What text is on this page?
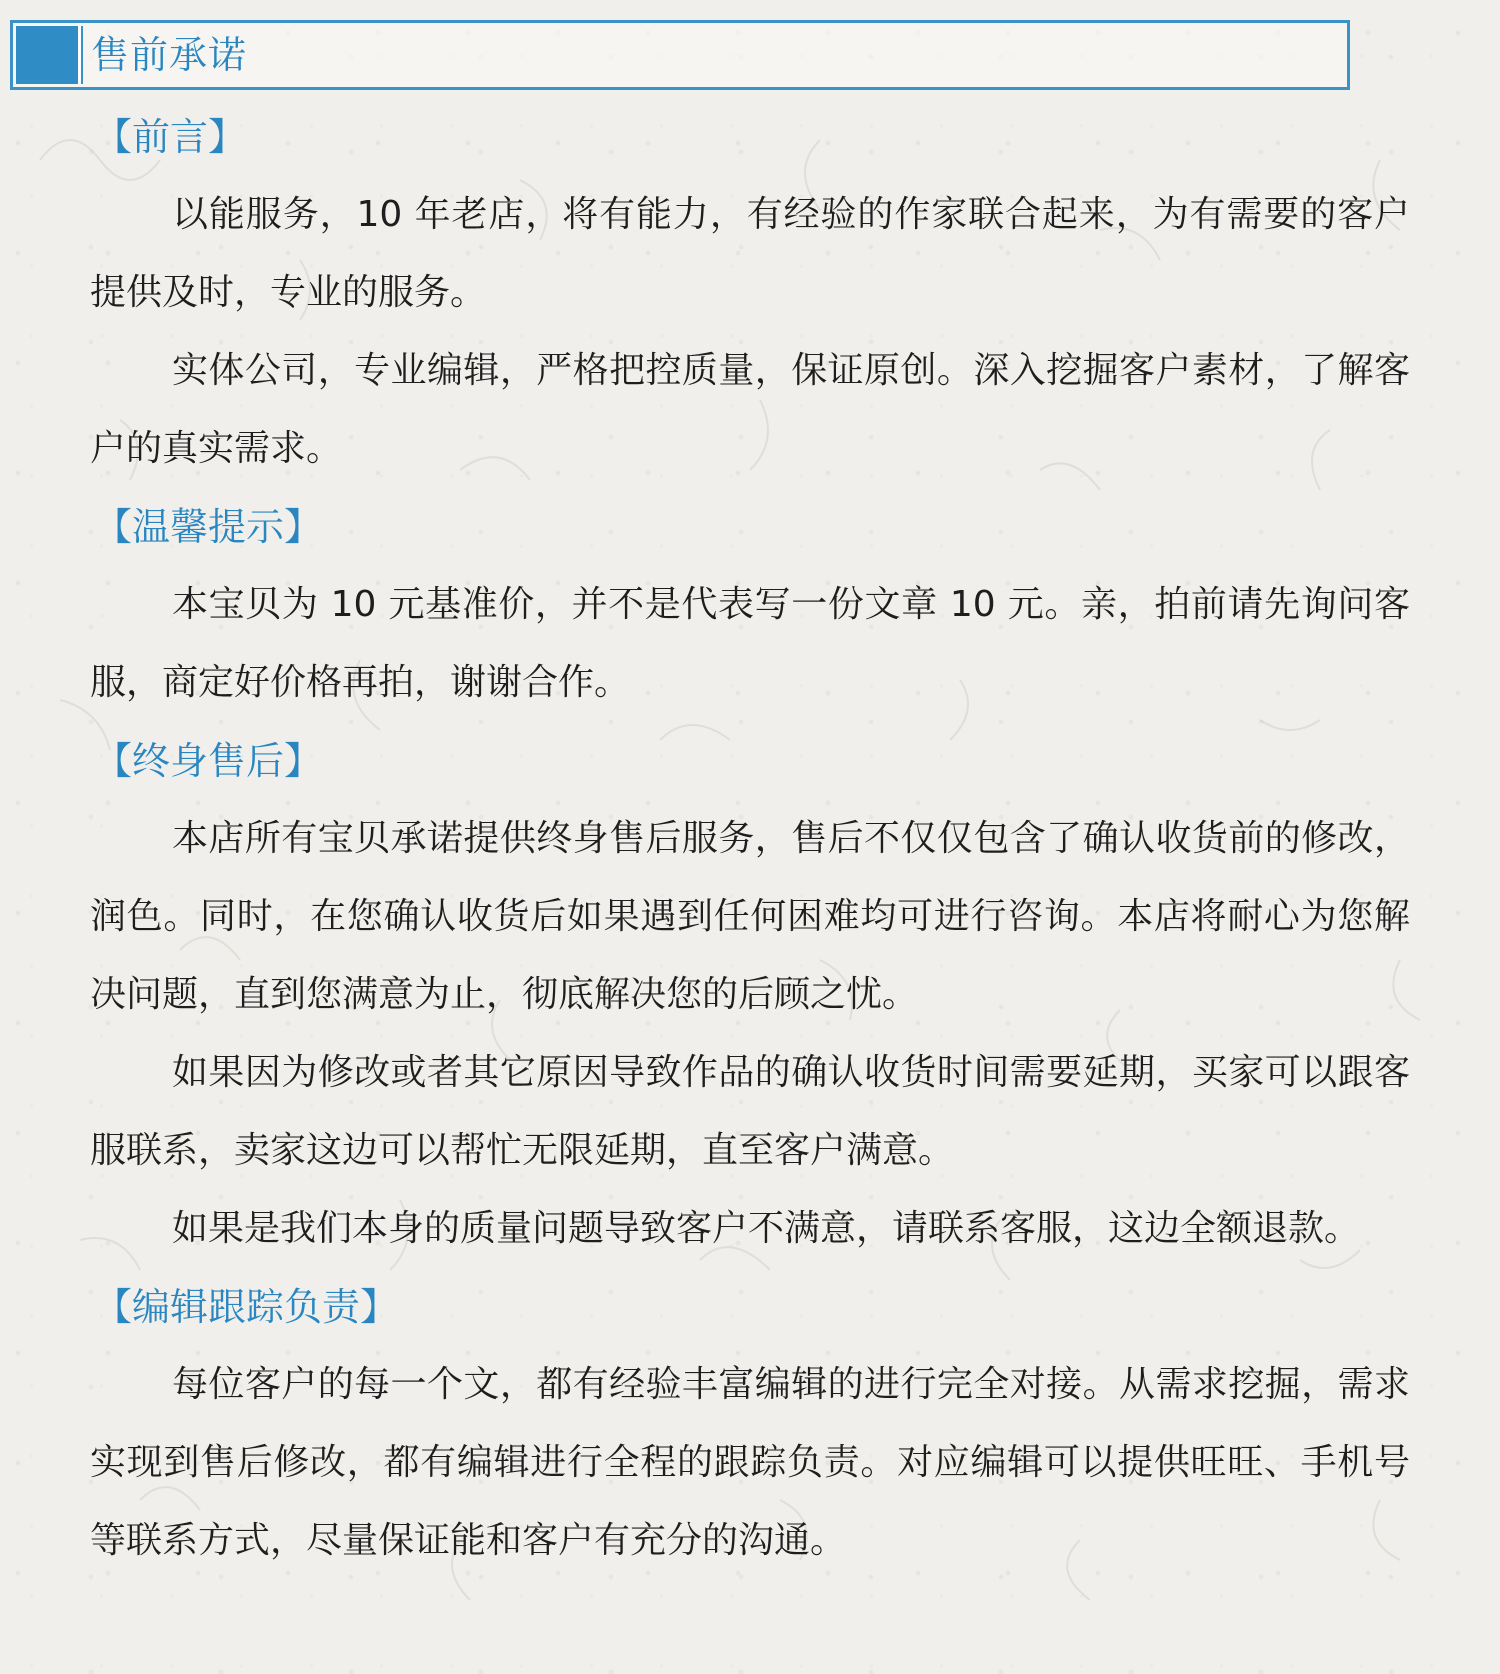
售前承诺
【前言】

以能服务，10 年老店，将有能力，有经验的作家联合起来，为有需要的客户提供及时，专业的服务。

实体公司，专业编辑，严格把控质量，保证原创。深入挖掘客户素材，了解客户的真实需求。

【温馨提示】

本宝贝为 10 元基准价，并不是代表写一份文章 10 元。亲，拍前请先询问客服，商定好价格再拍，谢谢合作。

【终身售后】

本店所有宝贝承诺提供终身售后服务，售后不仅仅包含了确认收货前的修改，润色。同时，在您确认收货后如果遇到任何困难均可进行咨询。本店将耐心为您解决问题，直到您满意为止，彻底解决您的后顾之忧。

如果因为修改或者其它原因导致作品的确认收货时间需要延期，买家可以跟客服联系，卖家这边可以帮忙无限延期，直至客户满意。

如果是我们本身的质量问题导致客户不满意，请联系客服，这边全额退款。

【编辑跟踪负责】

每位客户的每一个文，都有经验丰富编辑的进行完全对接。从需求挖掘，需求实现到售后修改，都有编辑进行全程的跟踪负责。对应编辑可以提供旺旺、手机号等联系方式，尽量保证能和客户有充分的沟通。
